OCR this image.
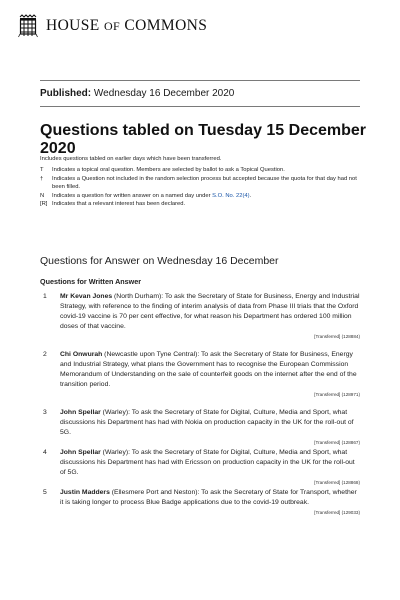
HOUSE OF COMMONS
Published: Wednesday 16 December 2020
Questions tabled on Tuesday 15 December 2020
Includes questions tabled on earlier days which have been transferred.
T	Indicates a topical oral question. Members are selected by ballot to ask a Topical Question.
†	Indicates a Question not included in the random selection process but accepted because the quota for that day had not been filled.
N	Indicates a question for written answer on a named day under S.O. No. 22(4).
[R] Indicates that a relevant interest has been declared.
Questions for Answer on Wednesday 16 December
Questions for Written Answer
1 Mr Kevan Jones (North Durham): To ask the Secretary of State for Business, Energy and Industrial Strategy, with reference to the finding of interim analysis of data from Phase III trials that the Oxford covid-19 vaccine is 70 per cent effective, for what reason his Department has ordered 100 million doses of that vaccine.
[Transferred] (128884)
2 Chi Onwurah (Newcastle upon Tyne Central): To ask the Secretary of State for Business, Energy and Industrial Strategy, what plans the Government has to recognise the European Commission Memorandum of Understanding on the sale of counterfeit goods on the internet after the end of the transition period.
[Transferred] (128971)
3 John Spellar (Warley): To ask the Secretary of State for Digital, Culture, Media and Sport, what discussions his Department has had with Nokia on production capacity in the UK for the roll-out of 5G.
[Transferred] (128867)
4 John Spellar (Warley): To ask the Secretary of State for Digital, Culture, Media and Sport, what discussions his Department has had with Ericsson on production capacity in the UK for the roll-out of 5G.
[Transferred] (128868)
5 Justin Madders (Ellesmere Port and Neston): To ask the Secretary of State for Transport, whether it is taking longer to process Blue Badge applications due to the covid-19 outbreak.
[Transferred] (129033)
